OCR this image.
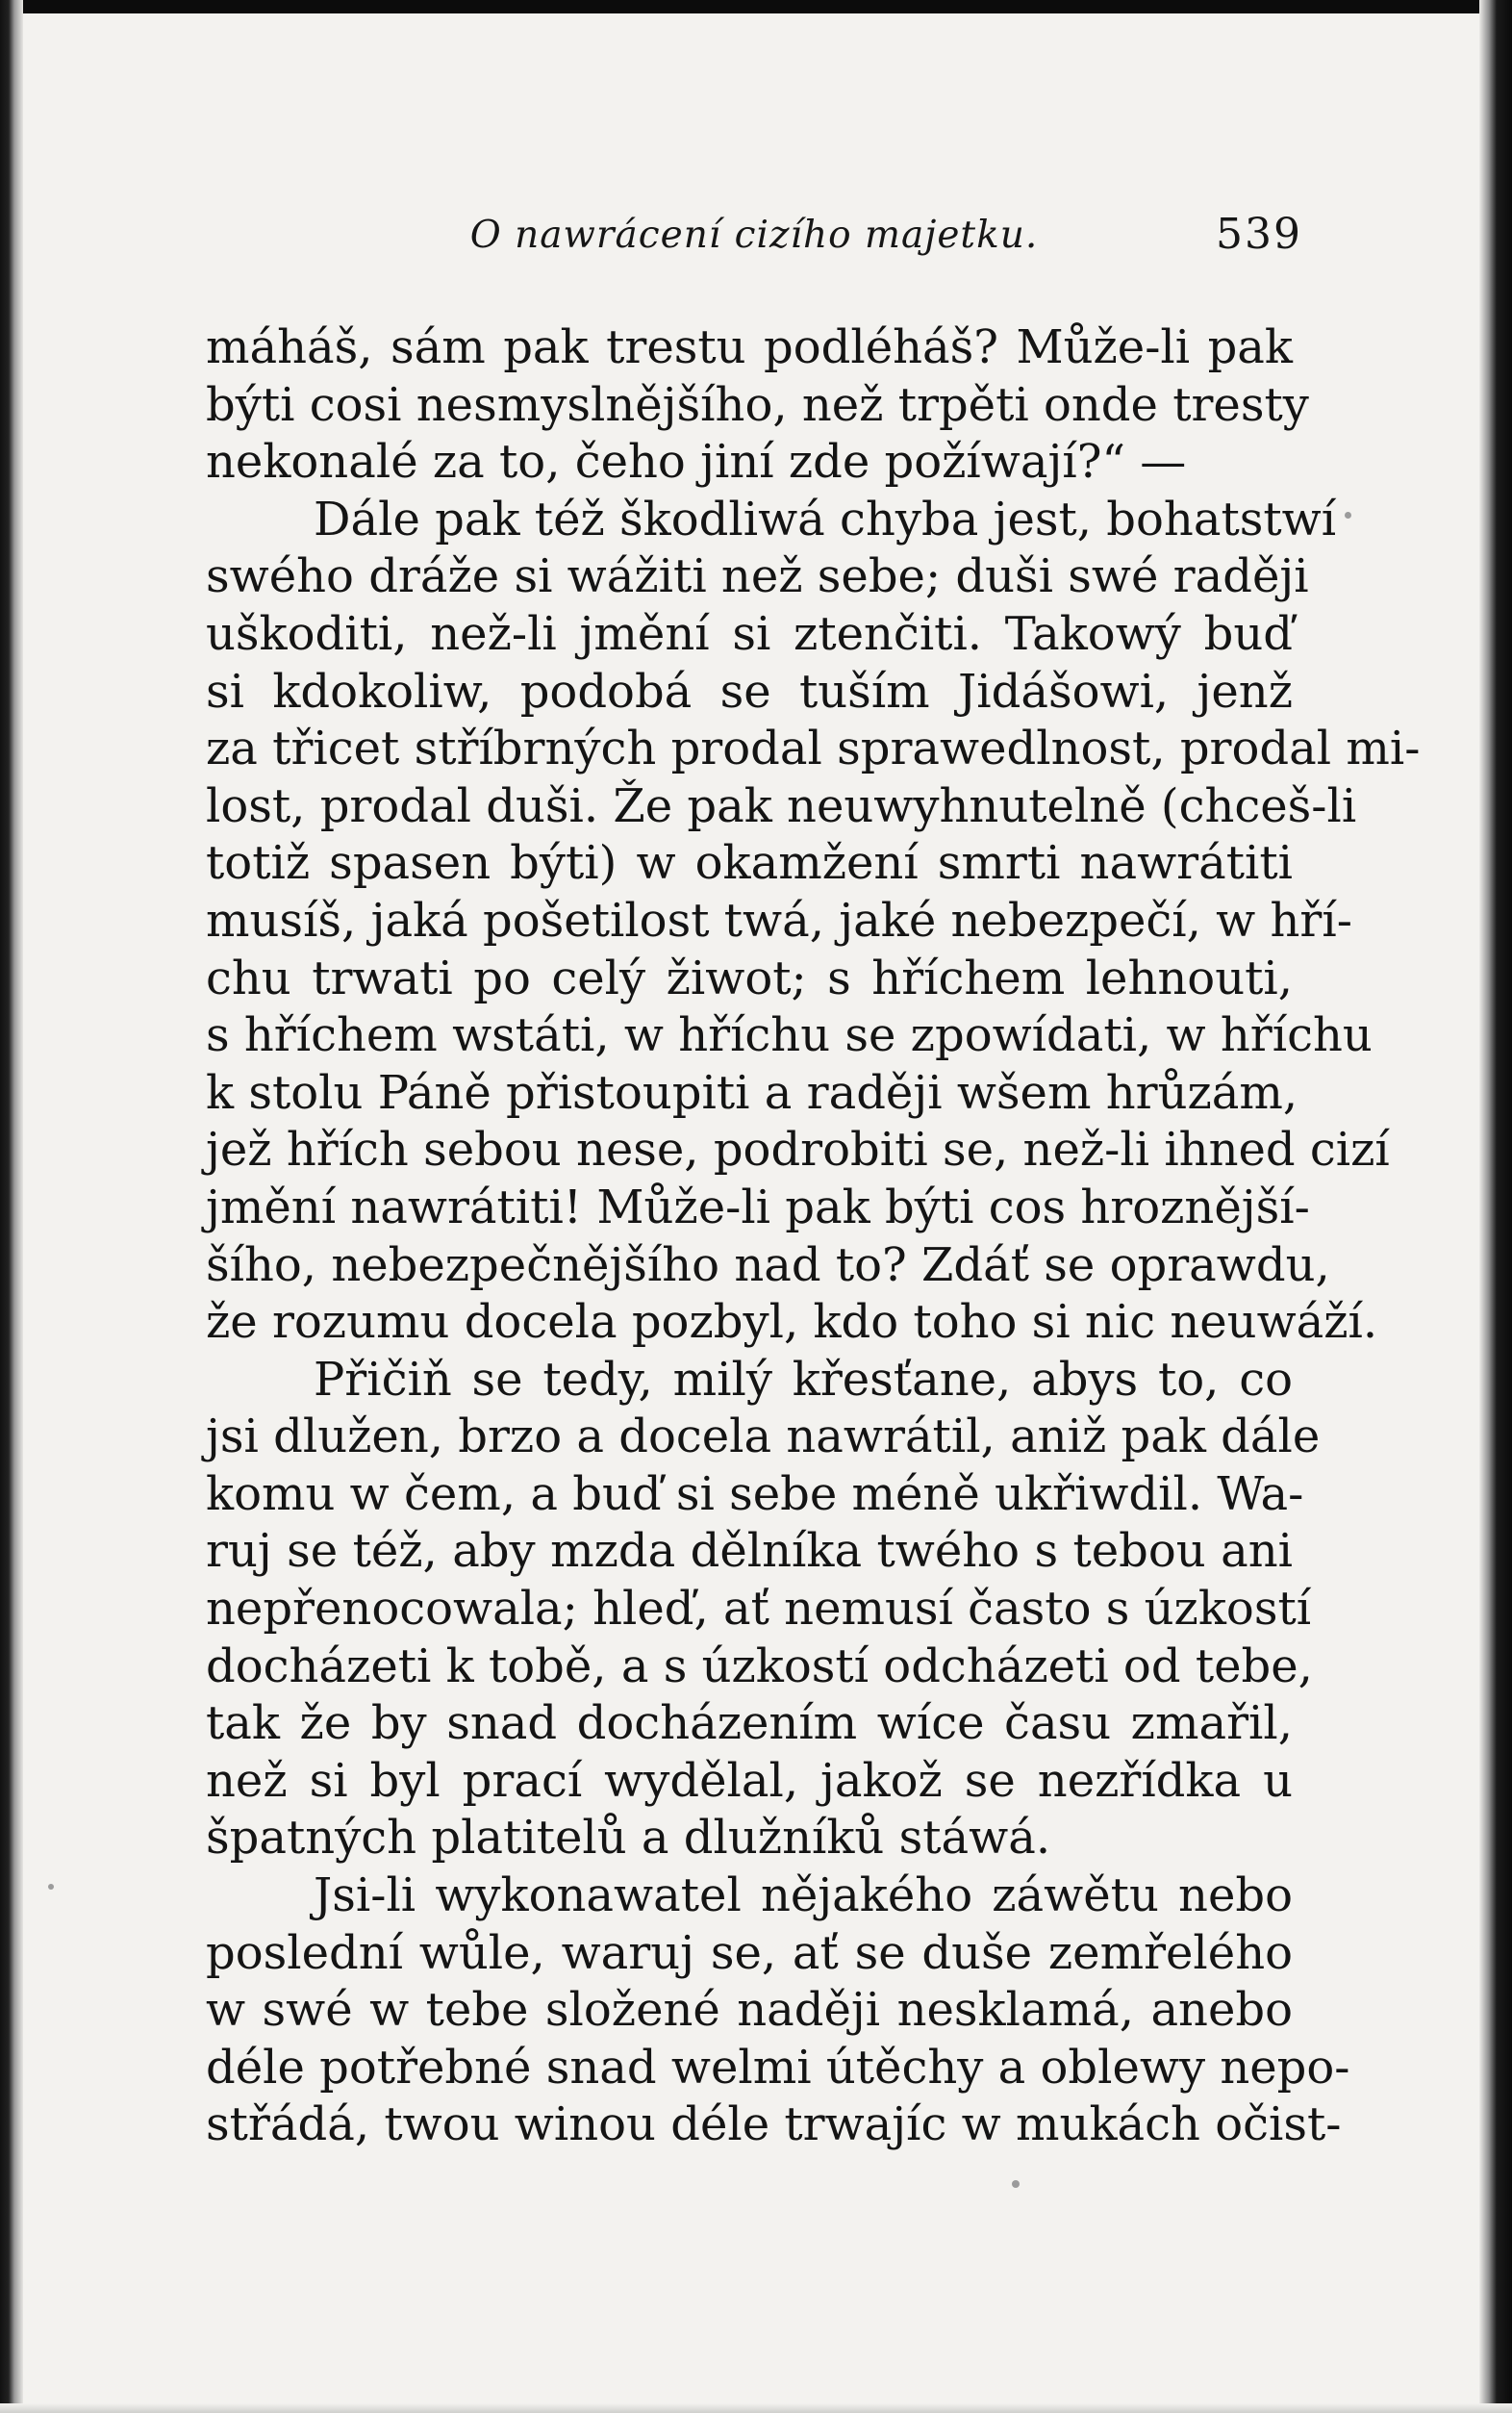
O nawrácení cizího majetku.	539
máháš, sám pak trestu podléháš? Může-li pak
býti cosi nesmyslnějšího, než trpěti onde tresty
nekonalé za to, čeho jiní zde požíwají?“ —
Dále pak též škodliwá chyba jest, bohatstwí
swého dráže si wážiti než sebe; duši swé raději
uškoditi, než-li jmění si ztenčiti. Takowý buď
si kdokoliw, podobá se tuším Jidášowi, jenž
za třicet stříbrných prodal sprawedlnost, prodal mi-
lost, prodal duši. Že pak neuwyhnutelně (chceš-li
totiž spasen býti) w okamžení smrti nawrátiti
musíš, jaká pošetilost twá, jaké nebezpečí, w hří-
chu trwati po celý žiwot; s hříchem lehnouti,
s hříchem wstáti, w hříchu se zpowídati, w hříchu
k stolu Páně přistoupiti a raději wšem hrůzám,
jež hřích sebou nese, podrobiti se, než-li ihned cizí
jmění nawrátiti! Může-li pak býti cos hroznější-
šího, nebezpečnějšího nad to? Zdáť se oprawdu,
že rozumu docela pozbyl, kdo toho si nic neuwáží.
Přičiň se tedy, milý křesťane, abys to, co
jsi dlužen, brzo a docela nawrátil, aniž pak dále
komu w čem, a buď si sebe méně ukřiwdil. Wa-
ruj se též, aby mzda dělníka twého s tebou ani
nepřenocowala; hleď, ať nemusí často s úzkostí
docházeti k tobě, a s úzkostí odcházeti od tebe,
tak že by snad docházením wíce času zmařil,
než si byl prací wydělal, jakož se nezřídka u
špatných platitelů a dlužníků stáwá.
Jsi-li wykonawatel nějakého záwětu nebo
poslední wůle, waruj se, ať se duše zemřelého
w swé w tebe složené naději nesklamá, anebo
déle potřebné snad welmi útěchy a oblewy nepo-
střádá, twou winou déle trwajíc w mukách očist-
